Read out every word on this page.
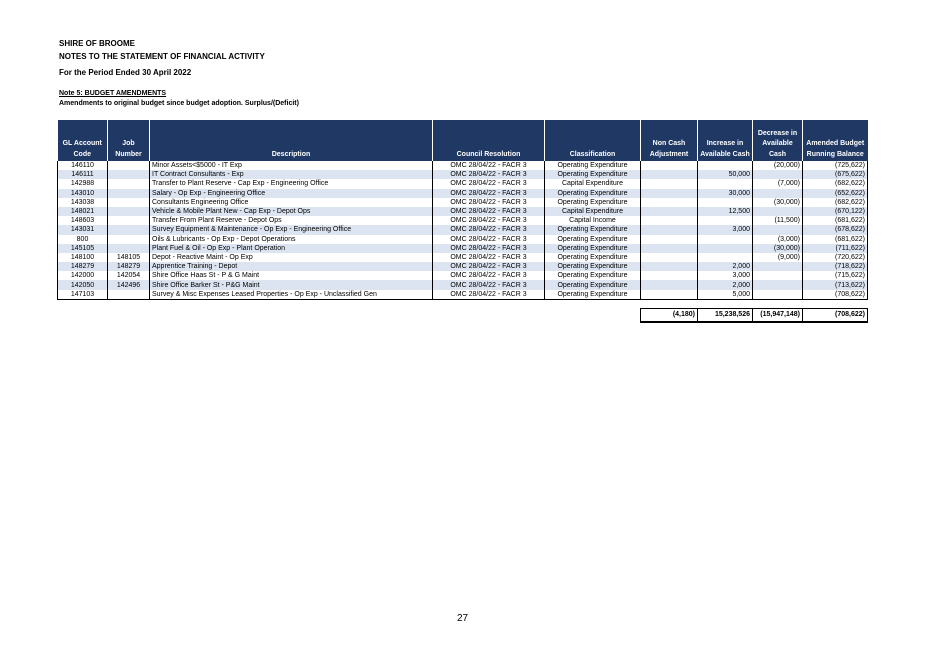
SHIRE OF BROOME
NOTES TO THE STATEMENT OF FINANCIAL ACTIVITY
For the Period Ended 30 April 2022
Note 5: BUDGET AMENDMENTS
Amendments to original budget since budget adoption. Surplus/(Deficit)
GL Account Code	Job Number	Description	Council Resolution	Classification	Non Cash Adjustment	Increase in Available Cash	Decrease in Available Cash	Amended Budget Running Balance
146110		Minor Assets<$5000 - IT Exp	OMC 28/04/22 - FACR 3	Operating Expenditure			(20,000)	(725,622)
146111		IT Contract Consultants - Exp	OMC 28/04/22 - FACR 3	Operating Expenditure		50,000		(675,622)
142988		Transfer to Plant Reserve - Cap Exp - Engineering Office	OMC 28/04/22 - FACR 3	Capital Expenditure			(7,000)	(682,622)
143010		Salary - Op Exp - Engineering Office	OMC 28/04/22 - FACR 3	Operating Expenditure		30,000		(652,622)
143038		Consultants Engineering Office	OMC 28/04/22 - FACR 3	Operating Expenditure			(30,000)	(682,622)
148021		Vehicle & Mobile Plant New - Cap Exp - Depot Ops	OMC 28/04/22 - FACR 3	Capital Expenditure		12,500		(670,122)
148603		Transfer From Plant Reserve - Depot Ops	OMC 28/04/22 - FACR 3	Capital Income			(11,500)	(681,622)
143031		Survey Equipment & Maintenance - Op Exp - Engineering Office	OMC 28/04/22 - FACR 3	Operating Expenditure		3,000		(678,622)
800		Oils & Lubricants - Op Exp - Depot Operations	OMC 28/04/22 - FACR 3	Operating Expenditure			(3,000)	(681,622)
145105		Plant Fuel & Oil - Op Exp - Plant Operation	OMC 28/04/22 - FACR 3	Operating Expenditure			(30,000)	(711,622)
148100	148105	Depot - Reactive Maint - Op Exp	OMC 28/04/22 - FACR 3	Operating Expenditure			(9,000)	(720,622)
148279	148279	Apprentice Training - Depot	OMC 28/04/22 - FACR 3	Operating Expenditure		2,000		(718,622)
142000	142054	Shire Office Haas St - P & G Maint	OMC 28/04/22 - FACR 3	Operating Expenditure		3,000		(715,622)
142050	142496	Shire Office Barker St - P&G Maint	OMC 28/04/22 - FACR 3	Operating Expenditure		2,000		(713,622)
147103		Survey & Misc Expenses Leased Properties - Op Exp - Unclassified Gen	OMC 28/04/22 - FACR 3	Operating Expenditure		5,000		(708,622)

					(4,180)	15,238,526	(15,947,148)	(708,622)
27
